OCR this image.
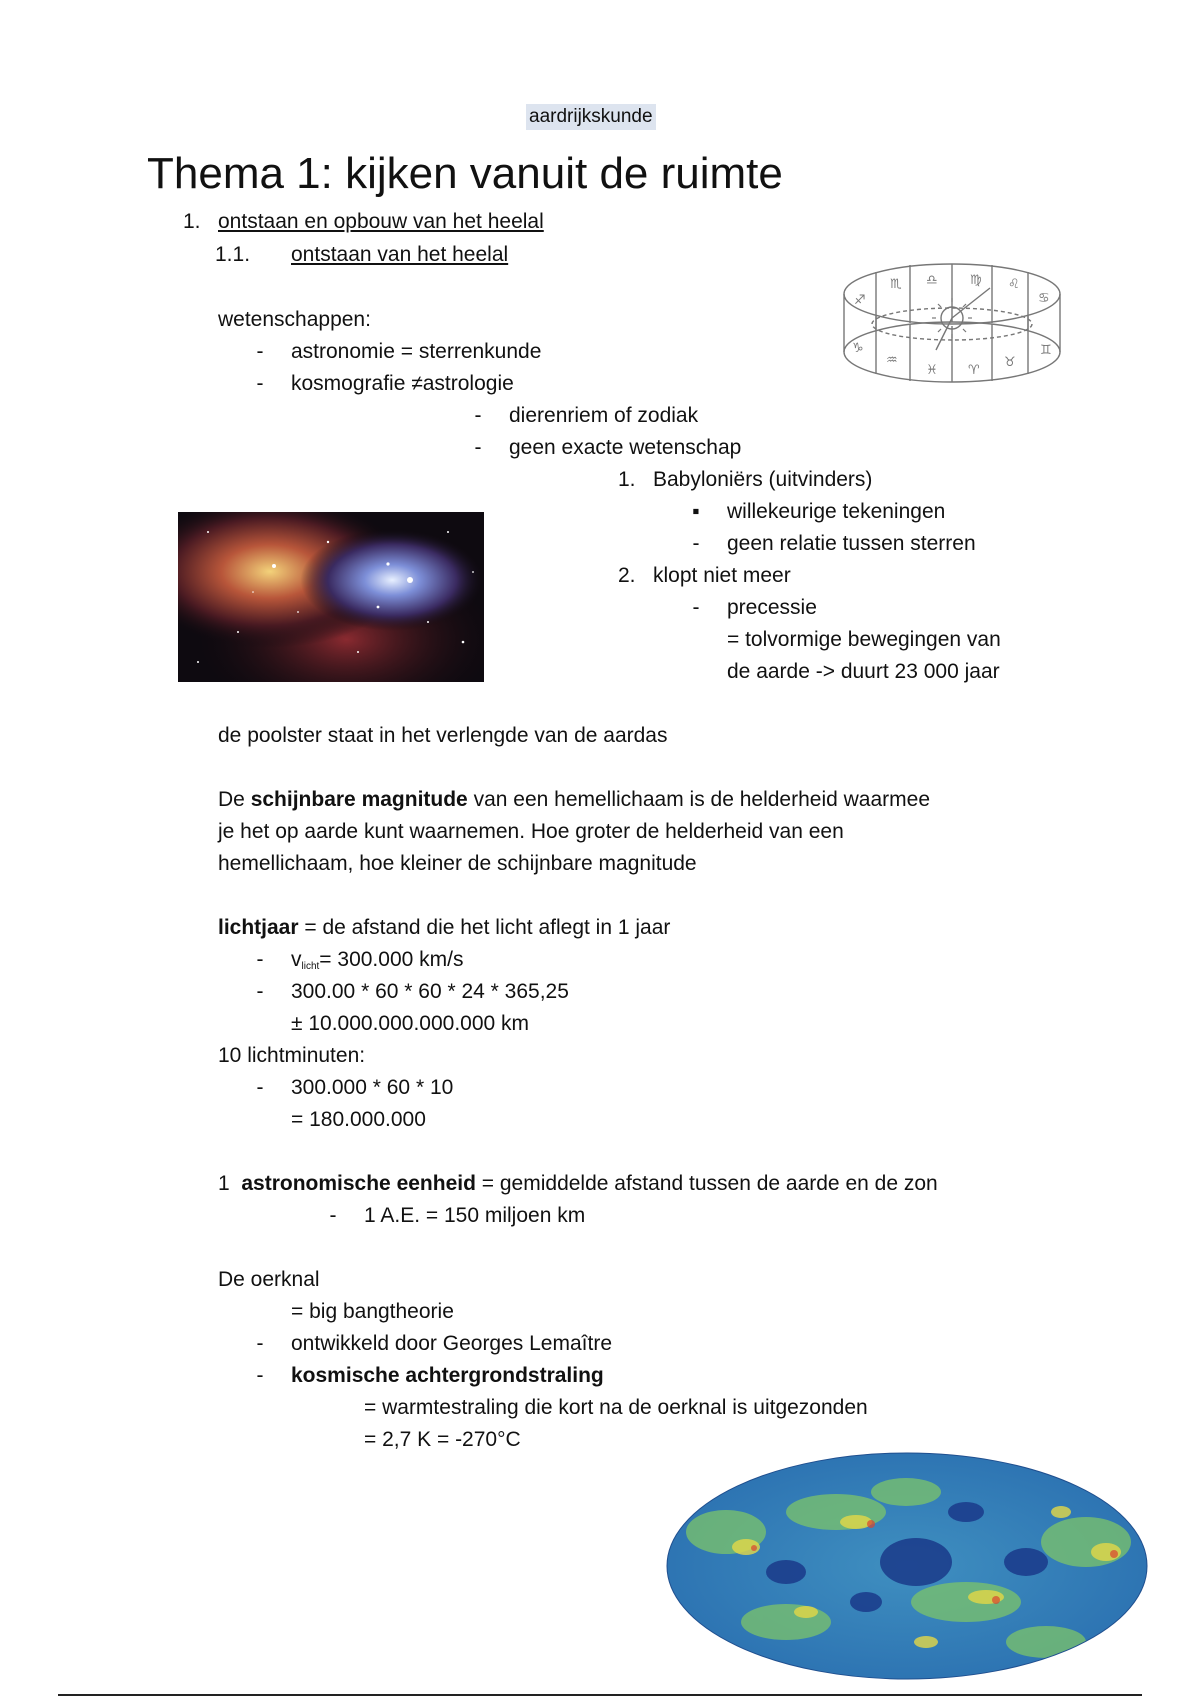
aardrijkskunde
Thema 1: kijken vanuit de ruimte
1. ontstaan en opbouw van het heelal
1.1. ontstaan van het heelal
♏ ♎ ♍ ♌
♋
♐
♑
♒
♓ ♈
♉
♊
wetenschappen:
-	astronomie = sterrenkunde
-	kosmografie ≠astrologie
-	dierenriem of zodiak
-	geen exacte wetenschap
1. Babyloniërs (uitvinders)
▪ willekeurige tekeningen
-	geen relatie tussen sterren
2. klopt niet meer
-	precessie
= tolvormige bewegingen van
de aarde -> duurt 23 000 jaar
de poolster staat in het verlengde van de aardas
De schijnbare magnitude van een hemellichaam is de helderheid waarmee
je het op aarde kunt waarnemen. Hoe groter de helderheid van een
hemellichaam, hoe kleiner de schijnbare magnitude
lichtjaar = de afstand die het licht aflegt in 1 jaar
-	$v_{licht}= 300.000$ km/s
-	300.00 * 60 * 60 * 24 * 365,25
± 10.000.000.000.000 km
10 lichtminuten:
-	300.000 * 60 * 10
= 180.000.000
1 astronomische eenheid = gemiddelde afstand tussen de aarde en de zon
-	1 A.E. = 150 miljoen km
De oerknal
= big bangtheorie
-	ontwikkeld door Georges Lemaître
-	kosmische achtergrondstraling
= warmtestraling die kort na de oerknal is uitgezonden
= 2,7 K = -270°C
